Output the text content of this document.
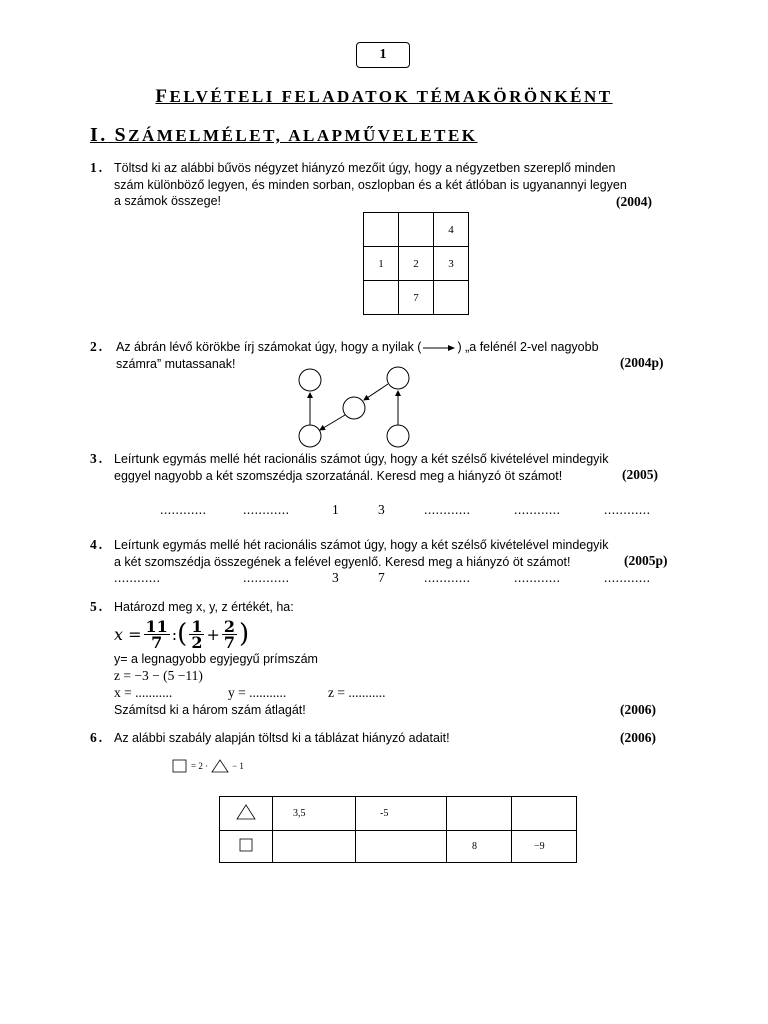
1
FELVÉTELI FELADATOK TÉMAKÖRÖNKÉNT
I. SZÁMELMÉLET, ALAPMŰVELETEK
1. Töltsd ki az alábbi bűvös négyzet hiányzó mezőit úgy, hogy a négyzetben szereplő minden
szám különböző legyen, és minden sorban, oszlopban és a két átlóban is ugyanannyi legyen
a számok összege!	(2004)
		4
1	2	3
	7	
2. Az ábrán lévő körökbe írj számokat úgy, hogy a nyilak (	) „a felénél 2-vel nagyobb
számra” mutassanak!	(2004p)
3. Leírtunk egymás mellé hét racionális számot úgy, hogy a két szélső kivételével mindegyik
eggyel nagyobb a két szomszédja szorzatánál. Keresd meg a hiányzó öt számot!	(2005)
............	............	1	3	............	............	............
4. Leírtunk egymás mellé hét racionális számot úgy, hogy a két szélső kivételével mindegyik
a két szomszédja összegének a felével egyenlő. Keresd meg a hiányzó öt számot!	(2005p)
............	............	3	7	............	............	............
5. Határozd meg x, y, z értékét, ha:
$x = \frac{11}{7}$ : ( $\frac{1}{2} + \frac{2}{7}$ )
y= a legnagyobb egyjegyű prímszám
z = −3 − (5 −11)
x = ...........	y = ...........	z = ...........
Számítsd ki a három szám átlagát!	(2006)
6. Az alábbi szabály alapján töltsd ki a táblázat hiányzó adatait!	(2006)
= 2 ·	− 1
	3,5	-5		
			8	−9
